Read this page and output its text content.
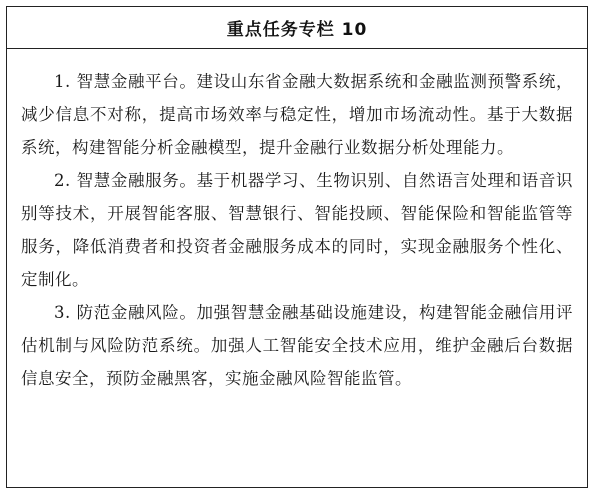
重点任务专栏 10

1. 智慧金融平台。建设山东省金融大数据系统和金融监测预警系统，减少信息不对称，提高市场效率与稳定性，增加市场流动性。基于大数据系统，构建智能分析金融模型，提升金融行业数据分析处理能力。

2. 智慧金融服务。基于机器学习、生物识别、自然语言处理和语音识别等技术，开展智能客服、智慧银行、智能投顾、智能保险和智能监管等服务，降低消费者和投资者金融服务成本的同时，实现金融服务个性化、定制化。

3. 防范金融风险。加强智慧金融基础设施建设，构建智能金融信用评估机制与风险防范系统。加强人工智能安全技术应用，维护金融后台数据信息安全，预防金融黑客，实施金融风险智能监管。
